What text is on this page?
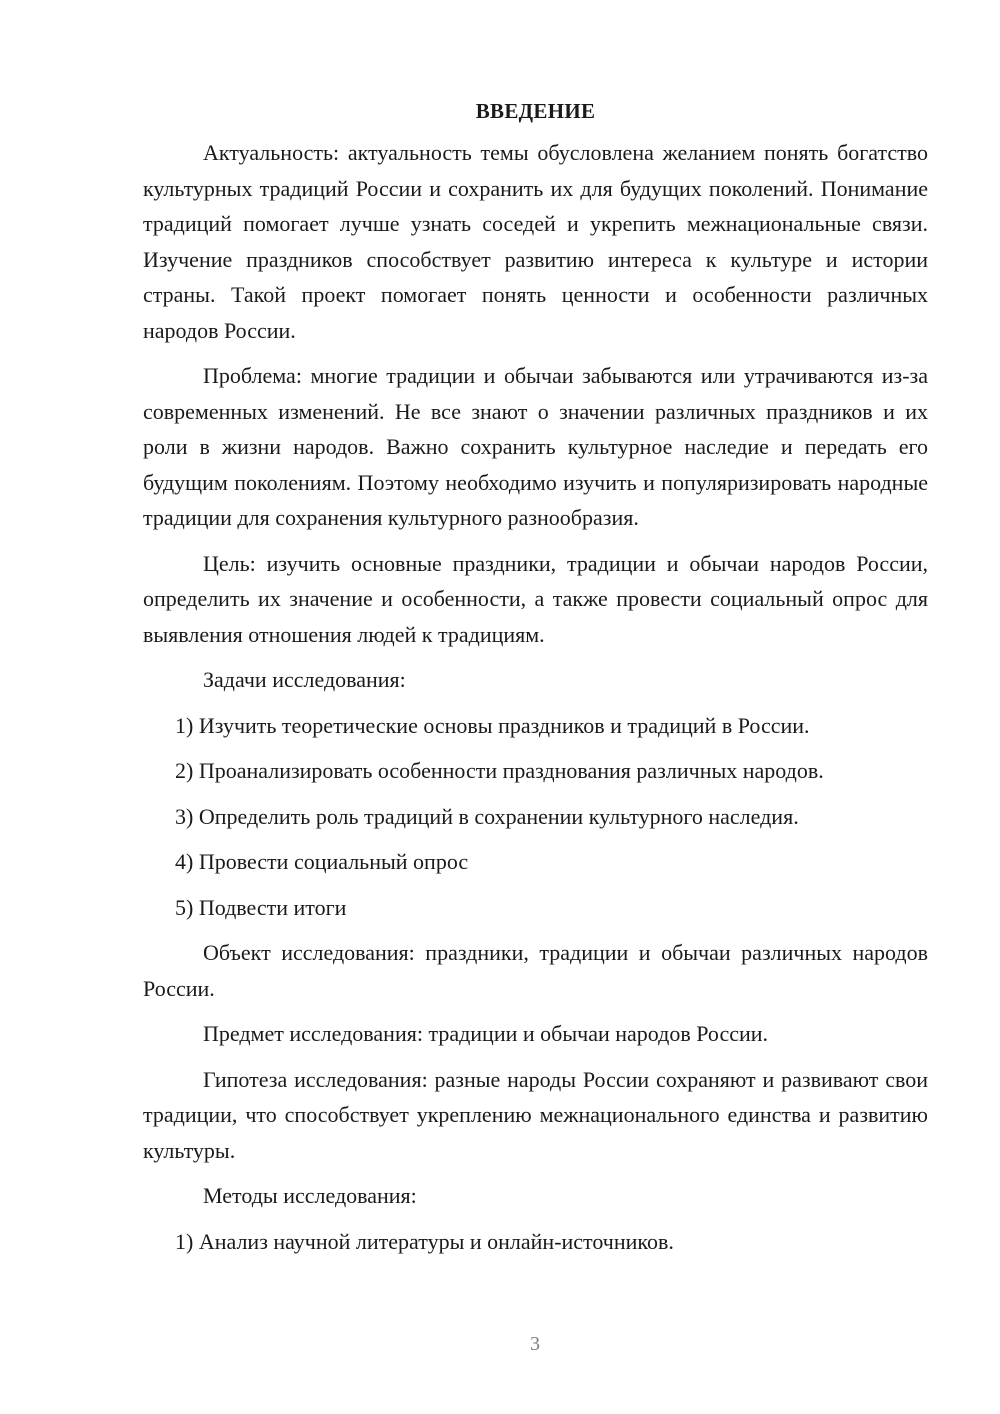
ВВЕДЕНИЕ

Актуальность: актуальность темы обусловлена желанием понять богатство культурных традиций России и сохранить их для будущих поколений. Понимание традиций помогает лучше узнать соседей и укрепить межнациональные связи. Изучение праздников способствует развитию интереса к культуре и истории страны. Такой проект помогает понять ценности и особенности различных народов России.

Проблема: многие традиции и обычаи забываются или утрачиваются из-за современных изменений. Не все знают о значении различных праздников и их роли в жизни народов. Важно сохранить культурное наследие и передать его будущим поколениям. Поэтому необходимо изучить и популяризировать народные традиции для сохранения культурного разнообразия.

Цель: изучить основные праздники, традиции и обычаи народов России, определить их значение и особенности, а также провести социальный опрос для выявления отношения людей к традициям.

Задачи исследования:

1) Изучить теоретические основы праздников и традиций в России.

2) Проанализировать особенности празднования различных народов.

3) Определить роль традиций в сохранении культурного наследия.

4) Провести социальный опрос

5) Подвести итоги

Объект исследования: праздники, традиции и обычаи различных народов России.

Предмет исследования: традиции и обычаи народов России.

Гипотеза исследования: разные народы России сохраняют и развивают свои традиции, что способствует укреплению межнационального единства и развитию культуры.

Методы исследования:

1) Анализ научной литературы и онлайн-источников.

3
